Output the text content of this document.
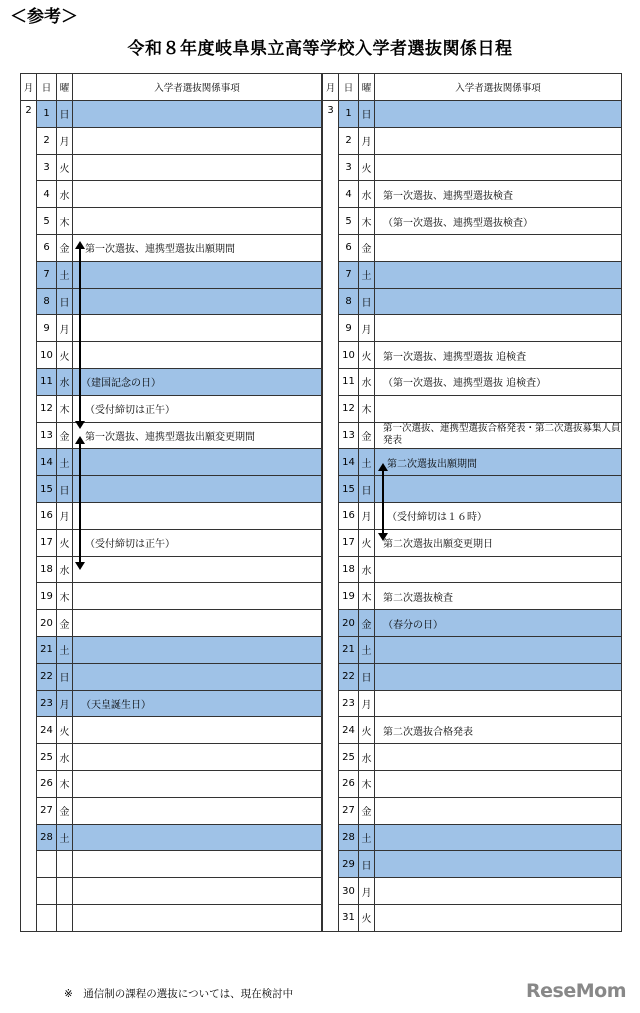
＜参考＞
令和８年度岐阜県立高等学校入学者選抜関係日程
月	日	曜	入学者選抜関係事項
2	1	日	
	2	月	
	3	火	
	4	水	
	5	木	
	6	金	第一次選抜、連携型選抜出願期間
	7	土	
	8	日	
	9	月	
	10	火	
	11	水	（建国記念の日）
	12	木	（受付締切は正午）
	13	金	第一次選抜、連携型選抜出願変更期間
	14	土	
	15	日	
	16	月	
	17	火	（受付締切は正午）
	18	水	
	19	木	
	20	金	
	21	土	
	22	日	
	23	月	（天皇誕生日）
	24	火	
	25	水	
	26	木	
	27	金	
	28	土	

月	日	曜	入学者選抜関係事項
3	1	日	
	2	月	
	3	火	
	4	水	第一次選抜、連携型選抜検査
	5	木	（第一次選抜、連携型選抜検査）
	6	金	
	7	土	
	8	日	
	9	月	
	10	火	第一次選抜、連携型選抜 追検査
	11	水	（第一次選抜、連携型選抜 追検査）
	12	木	
	13	金	第一次選抜、連携型選抜合格発表・第二次選抜募集人員発表
	14	土	第二次選抜出願期間
	15	日	
	16	月	（受付締切は１６時）
	17	火	第二次選抜出願変更期日
	18	水	
	19	木	第二次選抜検査
	20	金	（春分の日）
	21	土	
	22	日	
	23	月	
	24	火	第二次選抜合格発表
	25	水	
	26	木	
	27	金	
	28	土	
	29	日	
	30	月	
	31	火	
※　通信制の課程の選抜については、現在検討中	ReseMom
